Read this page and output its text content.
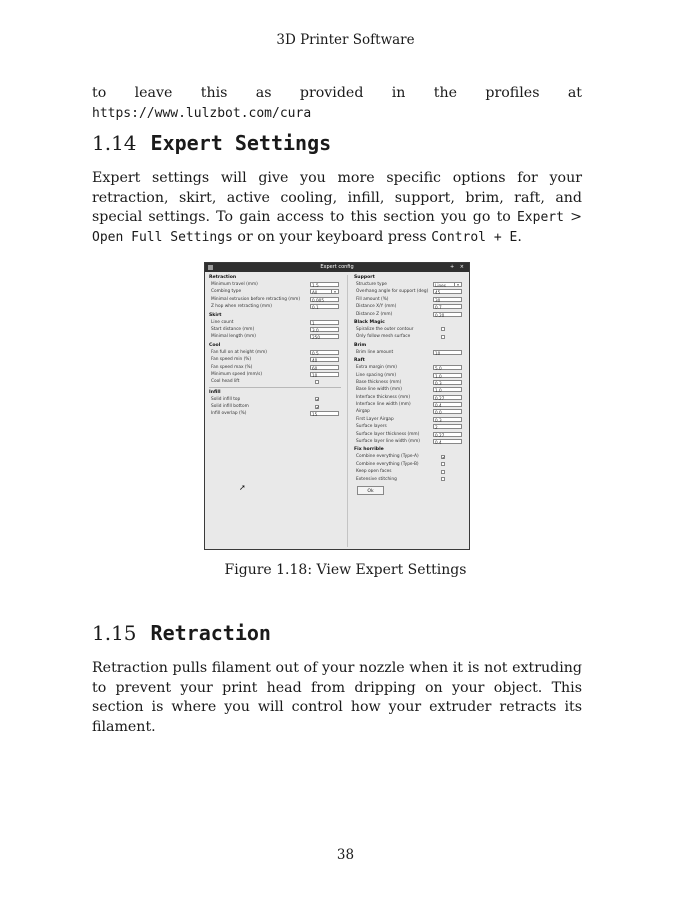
3D Printer Software
to leave this as provided in the profiles at https://www.lulzbot.com/cura
1.14 Expert Settings
Expert settings will give you more specific options for your retraction, skirt, active cooling, infill, support, brim, raft, and special settings. To gain access to this section you go to Expert > Open Full Settings or on your keyboard press Control + E.
Expert config	+ ×
Retraction
Minimum travel (mm)	1.5
Combing type	All	▾
Minimal extrusion before retracting (mm)	0.005
Z hop when retracting (mm)	0.1
Skirt
Line count	1
Start distance (mm)	3.0
Minimal length (mm)	250
Cool
Fan full on at height (mm)	0.5
Fan speed min (%)	40
Fan speed max (%)	60
Minimum speed (mm/s)	10
Cool head lift
Infill
Solid infill top	✔
Solid infill bottom	✔
Infill overlap (%)	15
Support
Structure type	Lines	▾
Overhang angle for support (deg)	45
Fill amount (%)	30
Distance X/Y (mm)	0.7
Distance Z (mm)	0.20
Black Magic
Spiralize the outer contour
Only follow mesh surface
Brim
Brim line amount	10
Raft
Extra margin (mm)	5.0
Line spacing (mm)	1.0
Base thickness (mm)	0.3
Base line width (mm)	1.0
Interface thickness (mm)	0.27
Interface line width (mm)	0.4
Airgap	0.0
First Layer Airgap	0.3
Surface layers	2
Surface layer thickness (mm)	0.27
Surface layer line width (mm)	0.4
Fix horrible
Combine everything (Type-A)	✔
Combine everything (Type-B)
Keep open faces
Extensive stitching
Ok
➚
Figure 1.18: View Expert Settings
1.15 Retraction
Retraction pulls filament out of your nozzle when it is not extruding to prevent your print head from dripping on your object. This section is where you will control how your extruder retracts its filament.
38
